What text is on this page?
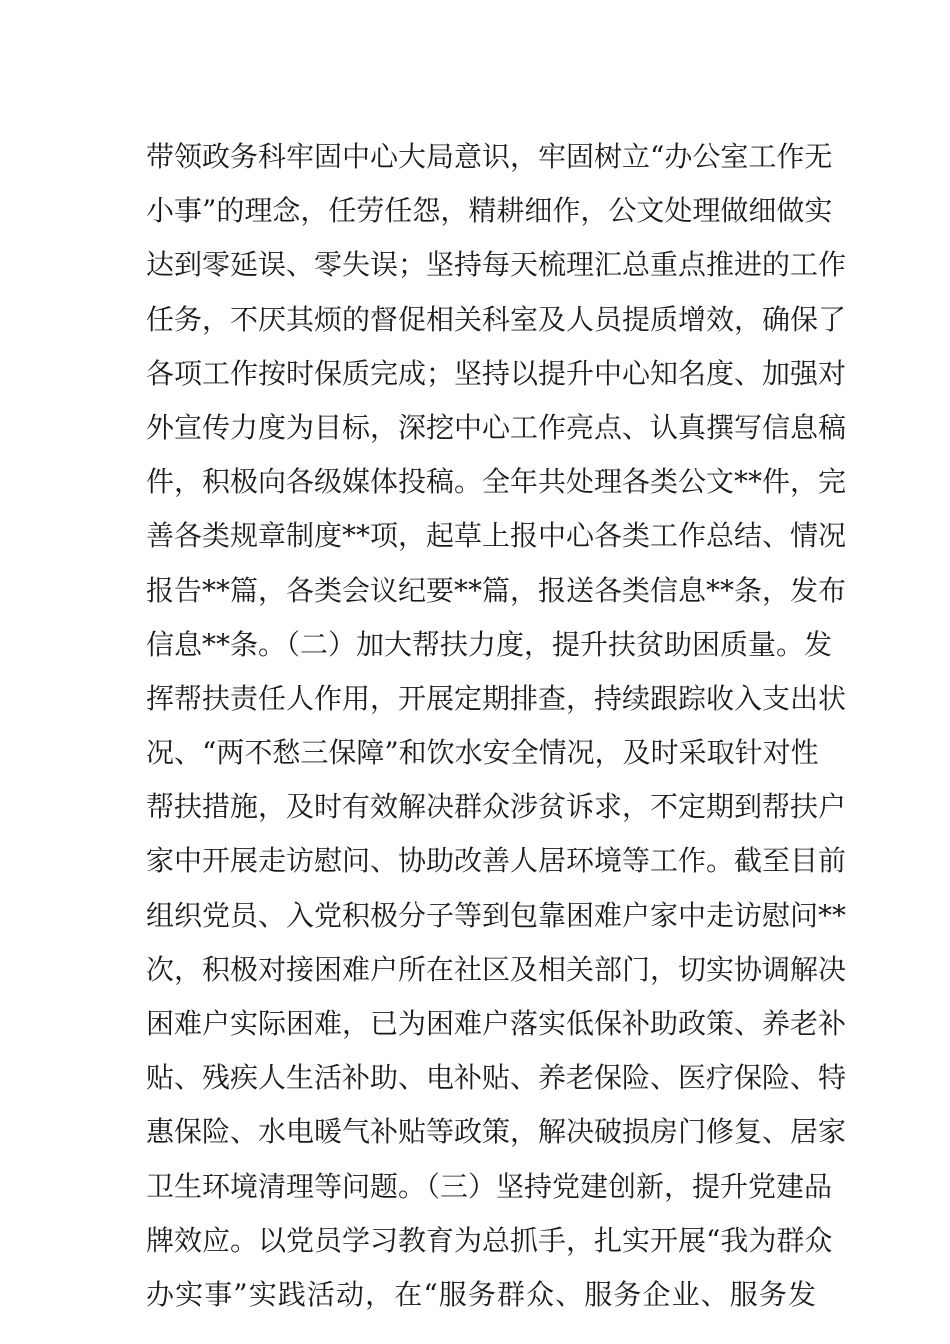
带领政务科牢固中心大局意识，牢固树立“办公室工作无
小事”的理念，任劳任怨，精耕细作，公文处理做细做实
达到零延误、零失误；坚持每天梳理汇总重点推进的工作
任务，不厌其烦的督促相关科室及人员提质增效，确保了
各项工作按时保质完成；坚持以提升中心知名度、加强对
外宣传力度为目标，深挖中心工作亮点、认真撰写信息稿
件，积极向各级媒体投稿。全年共处理各类公文**件，完
善各类规章制度**项，起草上报中心各类工作总结、情况
报告**篇，各类会议纪要**篇，报送各类信息**条，发布
信息**条。（二）加大帮扶力度，提升扶贫助困质量。发
挥帮扶责任人作用，开展定期排查，持续跟踪收入支出状
况、“两不愁三保障”和饮水安全情况，及时采取针对性
帮扶措施，及时有效解决群众涉贫诉求，不定期到帮扶户
家中开展走访慰问、协助改善人居环境等工作。截至目前
组织党员、入党积极分子等到包靠困难户家中走访慰问**
次，积极对接困难户所在社区及相关部门，切实协调解决
困难户实际困难，已为困难户落实低保补助政策、养老补
贴、残疾人生活补助、电补贴、养老保险、医疗保险、特
惠保险、水电暖气补贴等政策，解决破损房门修复、居家
卫生环境清理等问题。（三）坚持党建创新，提升党建品
牌效应。以党员学习教育为总抓手，扎实开展“我为群众
办实事”实践活动，在“服务群众、服务企业、服务发
